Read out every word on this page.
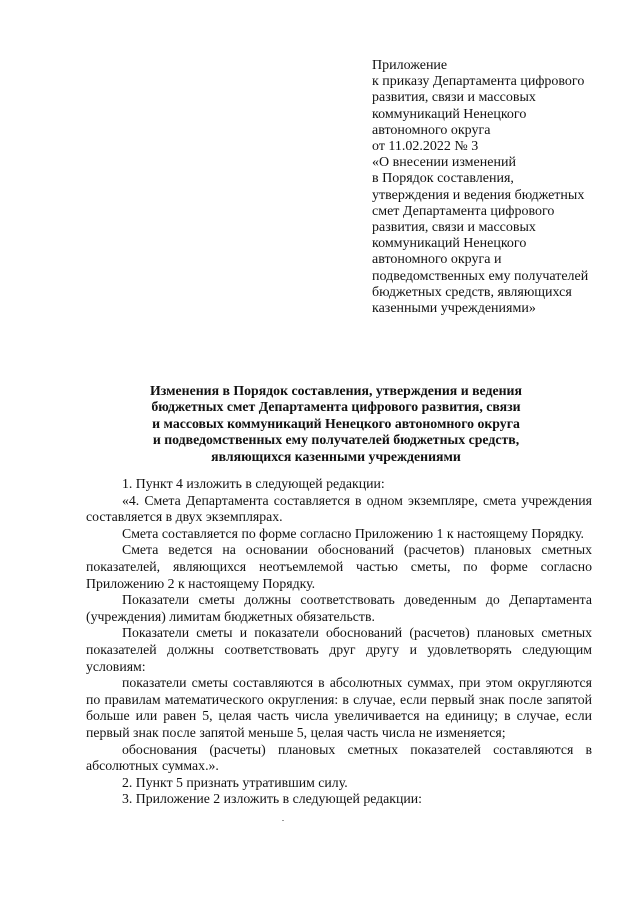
Приложение
к приказу Департамента цифрового
развития, связи и массовых
коммуникаций Ненецкого
автономного округа
от 11.02.2022 № 3
«О внесении изменений
в Порядок составления,
утверждения и ведения бюджетных
смет Департамента цифрового
развития, связи и массовых
коммуникаций Ненецкого
автономного округа и
подведомственных ему получателей
бюджетных средств, являющихся
казенными учреждениями»
Изменения в Порядок составления, утверждения и ведения
бюджетных смет Департамента цифрового развития, связи
и массовых коммуникаций Ненецкого автономного округа
и подведомственных ему получателей бюджетных средств,
являющихся казенными учреждениями

1. Пункт 4 изложить в следующей редакции:

«4. Смета Департамента составляется в одном экземпляре, смета учреждения составляется в двух экземплярах.

Смета составляется по форме согласно Приложению 1 к настоящему Порядку.

Смета ведется на основании обоснований (расчетов) плановых сметных показателей, являющихся неотъемлемой частью сметы, по форме согласно Приложению 2 к настоящему Порядку.

Показатели сметы должны соответствовать доведенным до Департамента (учреждения) лимитам бюджетных обязательств.

Показатели сметы и показатели обоснований (расчетов) плановых сметных показателей должны соответствовать друг другу и удовлетворять следующим условиям:

показатели сметы составляются в абсолютных суммах, при этом округляются по правилам математического округления: в случае, если первый знак после запятой больше или равен 5, целая часть числа увеличивается на единицу; в случае, если первый знак после запятой меньше 5, целая часть числа не изменяется;

обоснования (расчеты) плановых сметных показателей составляются в абсолютных суммах.».

2. Пункт 5 признать утратившим силу.

3. Приложение 2 изложить в следующей редакции:
